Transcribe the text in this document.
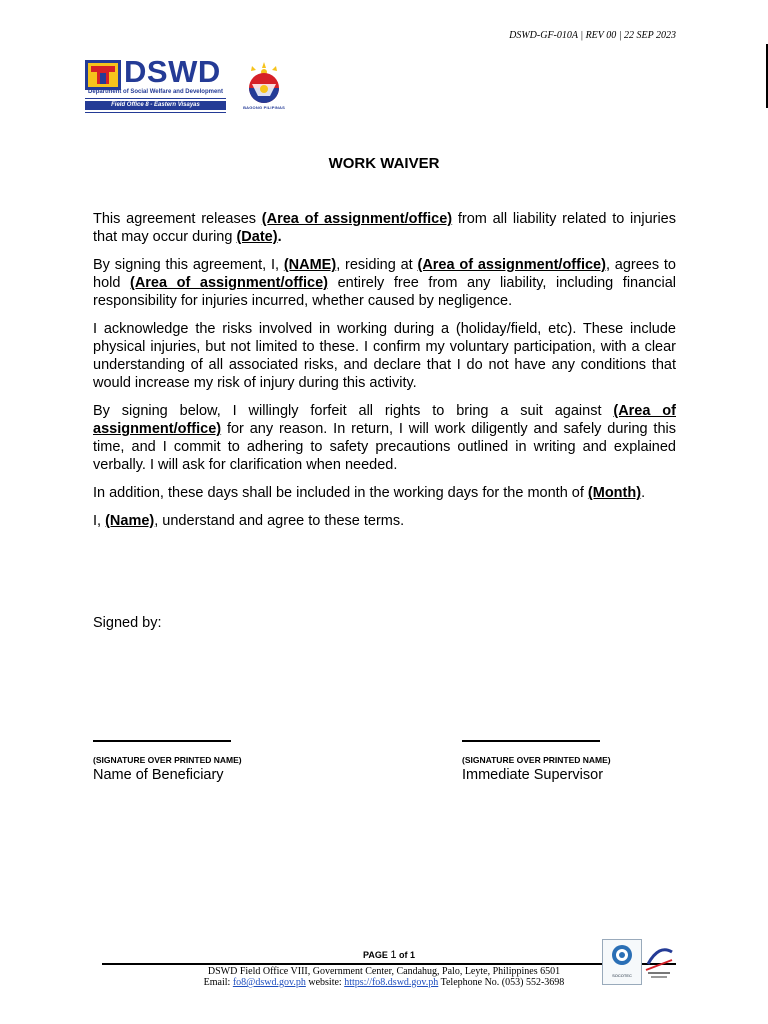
DSWD-GF-010A | REV 00 | 22 SEP 2023
DSWD
Department of Social Welfare and Development
Field Office 8 - Eastern Visayas	BAGONG PILIPINAS
WORK WAIVER

This agreement releases (Area of assignment/office) from all liability related to injuries that may occur during (Date).

By signing this agreement, I, (NAME), residing at (Area of assignment/office), agrees to hold (Area of assignment/office) entirely free from any liability, including financial responsibility for injuries incurred, whether caused by negligence.

I acknowledge the risks involved in working during a (holiday/field, etc). These include physical injuries, but not limited to these. I confirm my voluntary participation, with a clear understanding of all associated risks, and declare that I do not have any conditions that would increase my risk of injury during this activity.

By signing below, I willingly forfeit all rights to bring a suit against (Area of assignment/office) for any reason. In return, I will work diligently and safely during this time, and I commit to adhering to safety precautions outlined in writing and explained verbally. I will ask for clarification when needed.

In addition, these days shall be included in the working days for the month of (Month).

I, (Name), understand and agree to these terms.

Signed by:
(SIGNATURE OVER PRINTED NAME)
Name of Beneficiary
(SIGNATURE OVER PRINTED NAME)
Immediate Supervisor
PAGE 1 of 1
DSWD Field Office VIII, Government Center, Candahug, Palo, Leyte, Philippines 6501
Email: fo8@dswd.gov.ph website: https://fo8.dswd.gov.ph Telephone No. (053) 552-3698
SOCOTEC
